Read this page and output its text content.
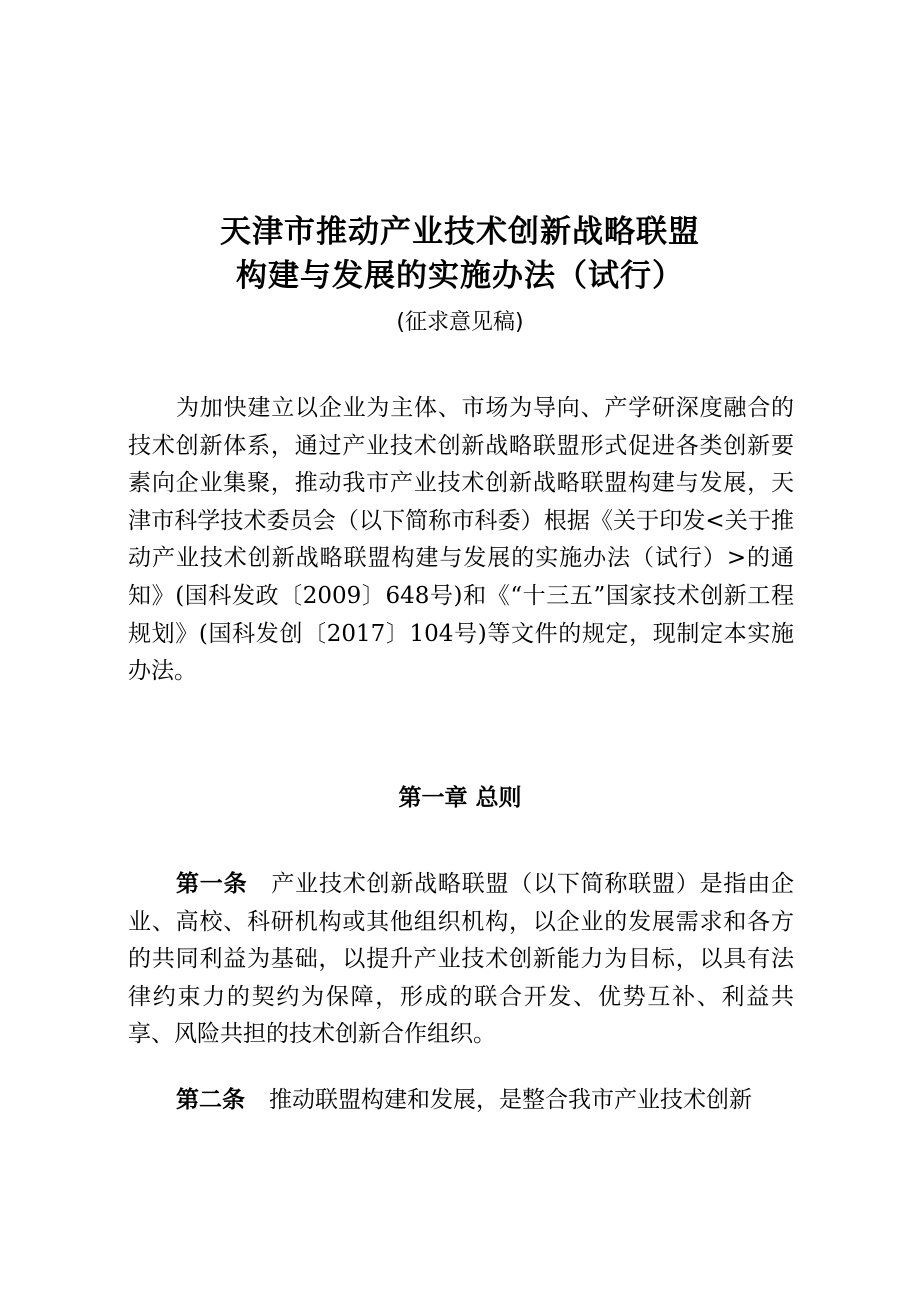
天津市推动产业技术创新战略联盟
构建与发展的实施办法（试行）
(征求意见稿)

为加快建立以企业为主体、市场为导向、产学研深度融合的技术创新体系，通过产业技术创新战略联盟形式促进各类创新要素向企业集聚，推动我市产业技术创新战略联盟构建与发展，天津市科学技术委员会（以下简称市科委）根据《关于印发<关于推动产业技术创新战略联盟构建与发展的实施办法（试行）>的通知》(国科发政〔2009〕648号)和《“十三五”国家技术创新工程规划》(国科发创〔2017〕104号)等文件的规定，现制定本实施办法。

第一章 总则

第一条 产业技术创新战略联盟（以下简称联盟）是指由企业、高校、科研机构或其他组织机构，以企业的发展需求和各方的共同利益为基础，以提升产业技术创新能力为目标，以具有法律约束力的契约为保障，形成的联合开发、优势互补、利益共享、风险共担的技术创新合作组织。

第二条 推动联盟构建和发展，是整合我市产业技术创新
